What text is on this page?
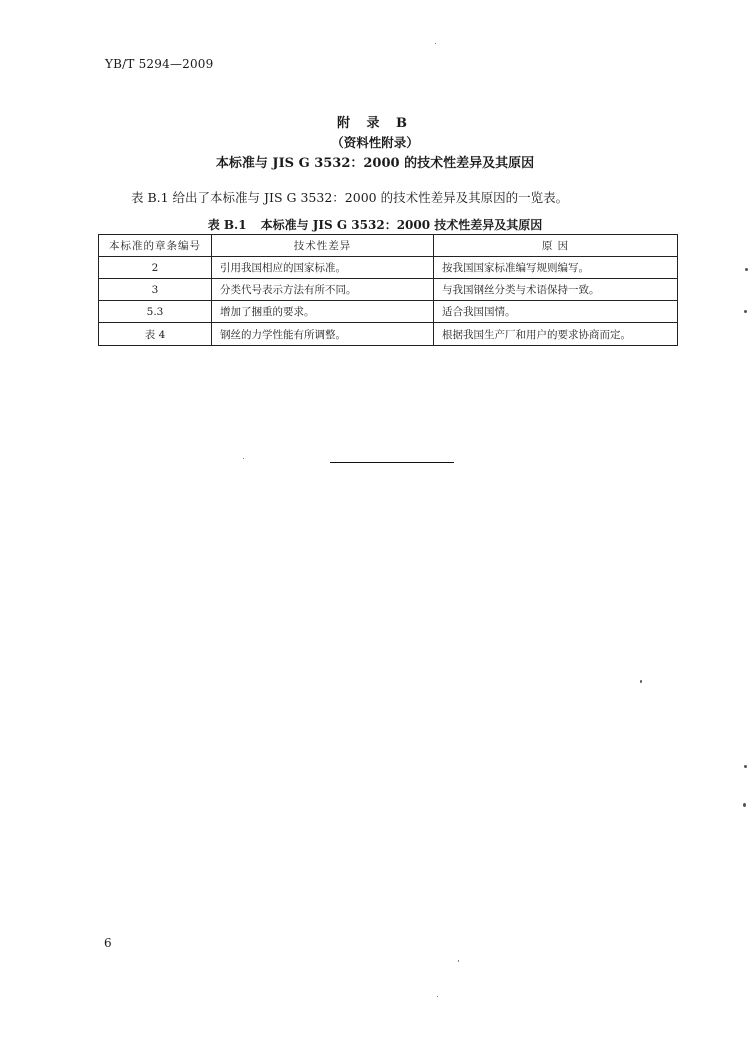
YB/T 5294—2009
附 录 B
（资料性附录）
本标准与 JIS G 3532：2000 的技术性差异及其原因
表 B.1 给出了本标准与 JIS G 3532：2000 的技术性差异及其原因的一览表。
表 B.1 本标准与 JIS G 3532：2000 技术性差异及其原因
本标准的章条编号	技术性差异	原 因
2	引用我国相应的国家标准。	按我国国家标准编写规则编写。
3	分类代号表示方法有所不同。	与我国钢丝分类与术语保持一致。
5.3	增加了捆重的要求。	适合我国国情。
表 4	钢丝的力学性能有所调整。	根据我国生产厂和用户的要求协商而定。
6
